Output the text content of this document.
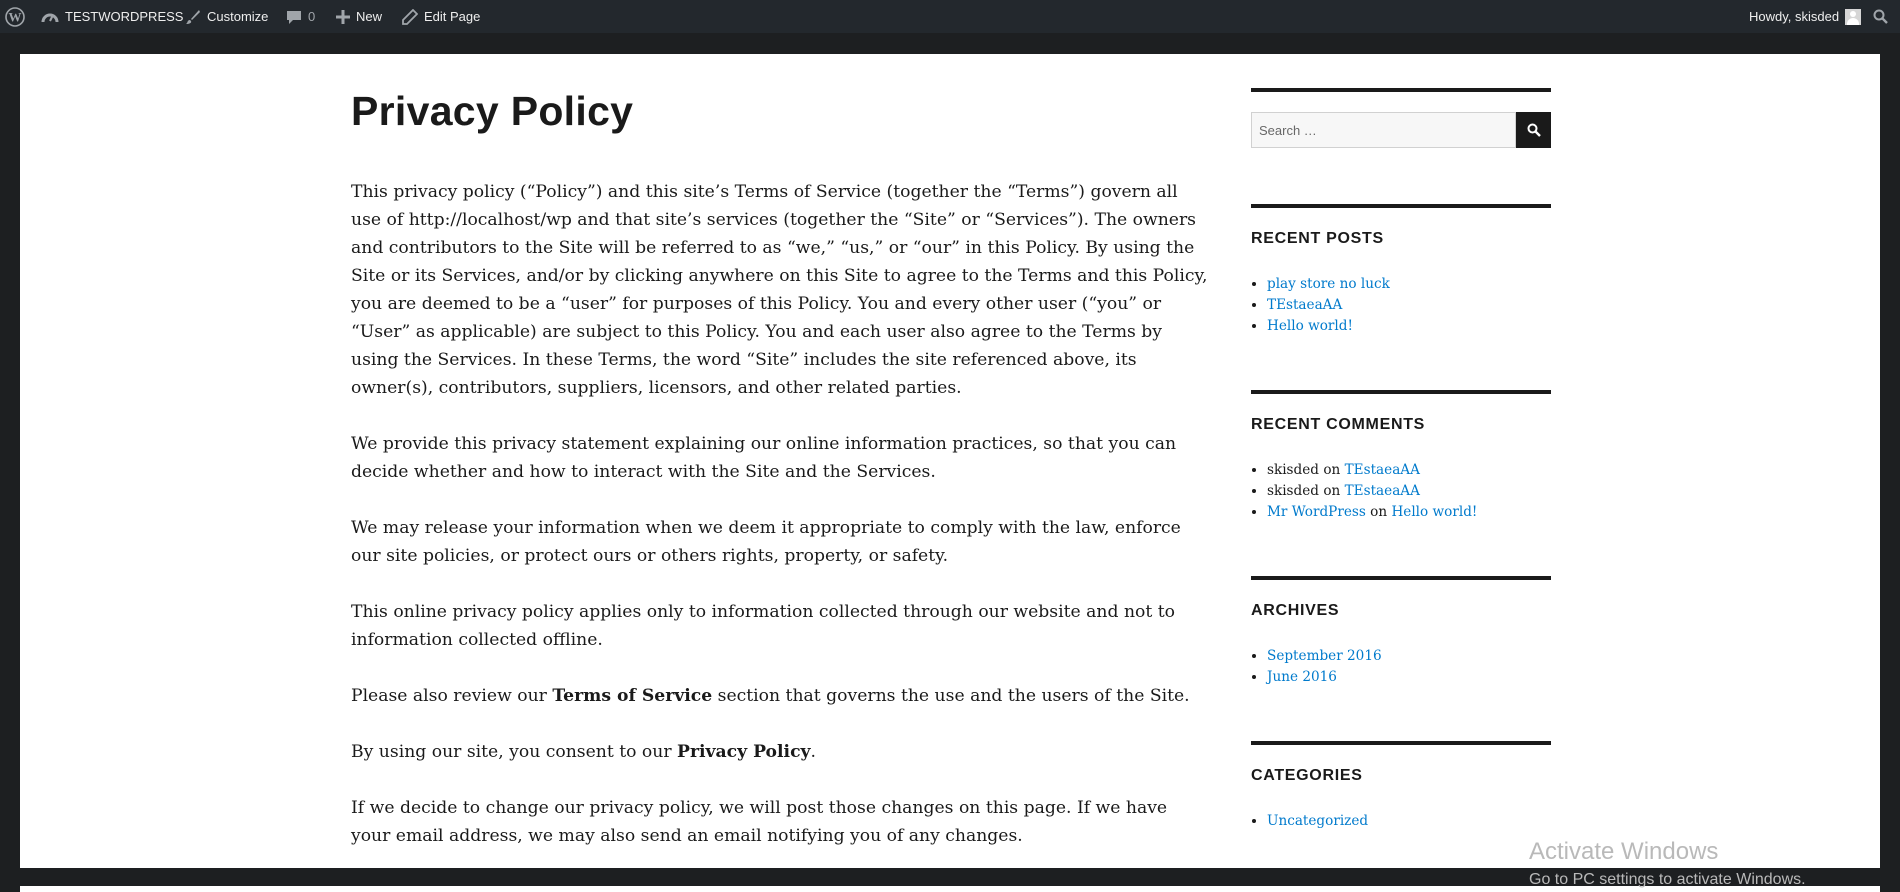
W	TESTWORDPRESS Customize	0	New	Edit Page	Howdy, skisded
Privacy Policy

This privacy policy (“Policy”) and this site’s Terms of Service (together the “Terms”) govern all use of http://localhost/wp and that site’s services (together the “Site” or “Services”). The owners and contributors to the Site will be referred to as “we,” “us,” or “our” in this Policy. By using the Site or its Services, and/or by clicking anywhere on this Site to agree to the Terms and this Policy, you are deemed to be a “user” for purposes of this Policy. You and every other user (“you” or “User” as applicable) are subject to this Policy. You and each user also agree to the Terms by using the Services. In these Terms, the word “Site” includes the site referenced above, its owner(s), contributors, suppliers, licensors, and other related parties.

We provide this privacy statement explaining our online information practices, so that you can decide whether and how to interact with the Site and the Services.

We may release your information when we deem it appropriate to comply with the law, enforce our site policies, or protect ours or others rights, property, or safety.

This online privacy policy applies only to information collected through our website and not to information collected offline.

Please also review our Terms of Service section that governs the use and the users of the Site.

By using our site, you consent to our Privacy Policy.

If we decide to change our privacy policy, we will post those changes on this page. If we have your email address, we may also send an email notifying you of any changes.

Search …
RECENT POSTS
• play store no luck
• TEstaeaAA
• Hello world!
RECENT COMMENTS
• skisded on TEstaeaAA
• skisded on TEstaeaAA
• Mr WordPress on Hello world!
ARCHIVES
• September 2016
• June 2016
CATEGORIES
• Uncategorized
Activate Windows
Go to PC settings to activate Windows.
